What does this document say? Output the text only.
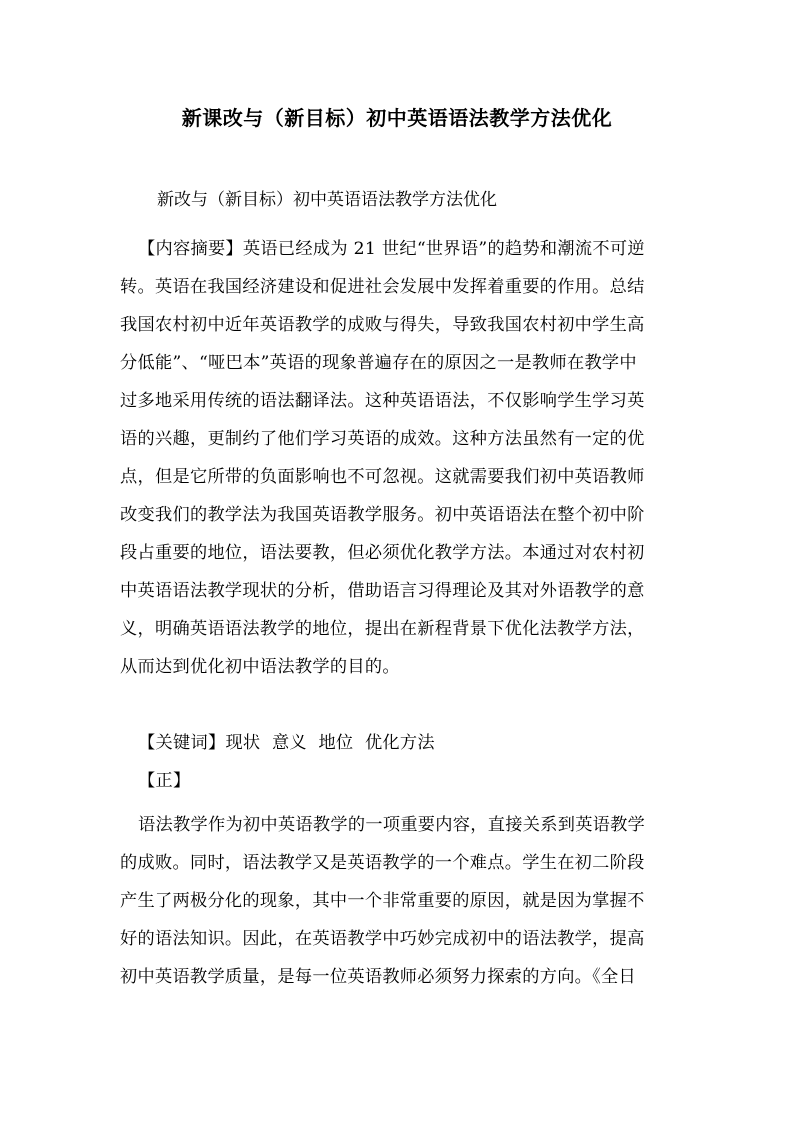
新课改与（新目标）初中英语语法教学方法优化
新改与（新目标）初中英语语法教学方法优化
【内容摘要】英语已经成为 21 世纪“世界语”的趋势和潮流不可逆
转。英语在我国经济建设和促进社会发展中发挥着重要的作用。总结
我国农村初中近年英语教学的成败与得失，导致我国农村初中学生高
分低能”、“哑巴本”英语的现象普遍存在的原因之一是教师在教学中
过多地采用传统的语法翻译法。这种英语语法，不仅影响学生学习英
语的兴趣，更制约了他们学习英语的成效。这种方法虽然有一定的优
点，但是它所带的负面影响也不可忽视。这就需要我们初中英语教师
改变我们的教学法为我国英语教学服务。初中英语语法在整个初中阶
段占重要的地位，语法要教，但必须优化教学方法。本通过对农村初
中英语语法教学现状的分析，借助语言习得理论及其对外语教学的意
义，明确英语语法教学的地位，提出在新程背景下优化法教学方法，
从而达到优化初中语法教学的目的。
【关键词】现状  意义  地位  优化方法
【正】
语法教学作为初中英语教学的一项重要内容，直接关系到英语教学
的成败。同时，语法教学又是英语教学的一个难点。学生在初二阶段
产生了两极分化的现象，其中一个非常重要的原因，就是因为掌握不
好的语法知识。因此，在英语教学中巧妙完成初中的语法教学，提高
初中英语教学质量，是每一位英语教师必须努力探索的方向。《全日
